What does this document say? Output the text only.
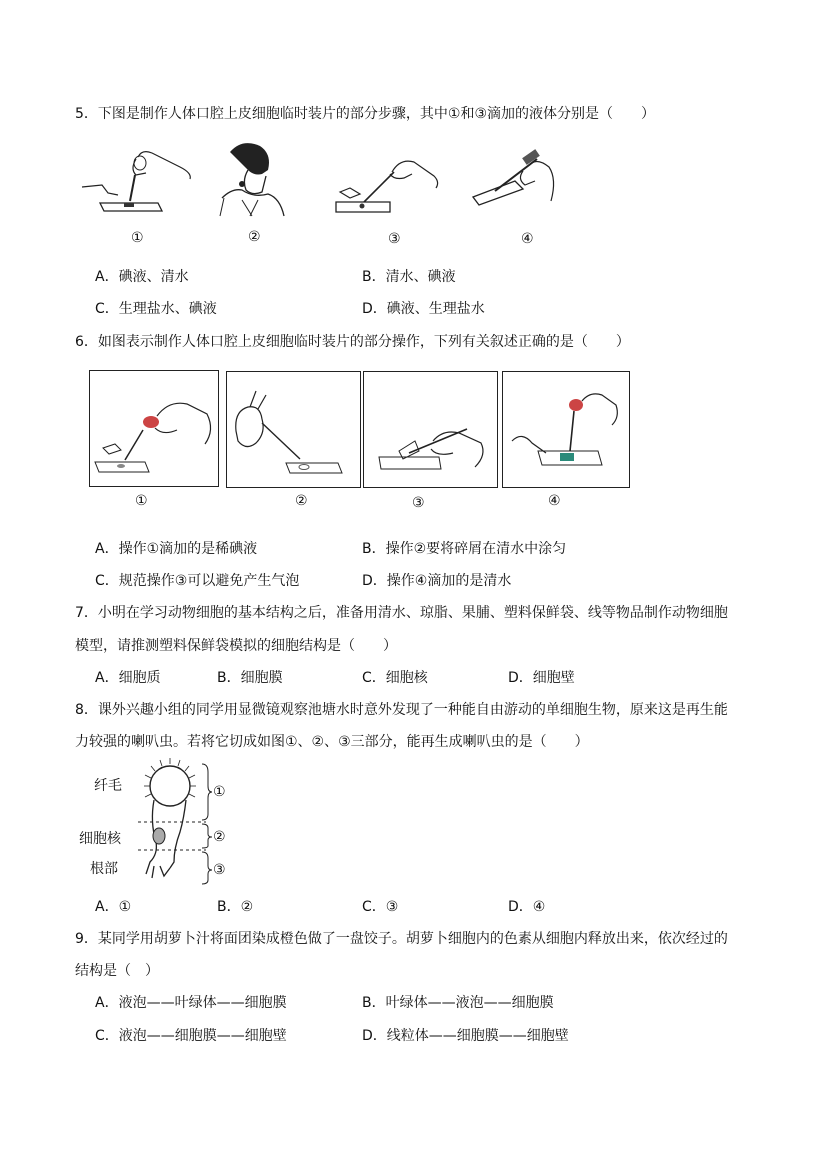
5．下图是制作人体口腔上皮细胞临时装片的部分步骤，其中①和③滴加的液体分别是（　　）
①	②	③	④
A．碘液、清水	B．清水、碘液
C．生理盐水、碘液	D．碘液、生理盐水
6．如图表示制作人体口腔上皮细胞临时装片的部分操作，下列有关叙述正确的是（　　）
①	②	③	④
A．操作①滴加的是稀碘液	B．操作②要将碎屑在清水中涂匀
C．规范操作③可以避免产生气泡	D．操作④滴加的是清水
7．小明在学习动物细胞的基本结构之后，准备用清水、琼脂、果脯、塑料保鲜袋、线等物品制作动物细胞
模型，请推测塑料保鲜袋模拟的细胞结构是（　　）
A．细胞质	B．细胞膜	C．细胞核	D．细胞壁
8．课外兴趣小组的同学用显微镜观察池塘水时意外发现了一种能自由游动的单细胞生物，原来这是再生能
力较强的喇叭虫。若将它切成如图①、②、③三部分，能再生成喇叭虫的是（　　）
纤毛
细胞核
根部
①
②
③
A．①	B．②	C．③	D．④
9．某同学用胡萝卜汁将面团染成橙色做了一盘饺子。胡萝卜细胞内的色素从细胞内释放出来，依次经过的
结构是（　）
A．液泡——叶绿体——细胞膜	B．叶绿体——液泡——细胞膜
C．液泡——细胞膜——细胞壁	D．线粒体——细胞膜——细胞壁
